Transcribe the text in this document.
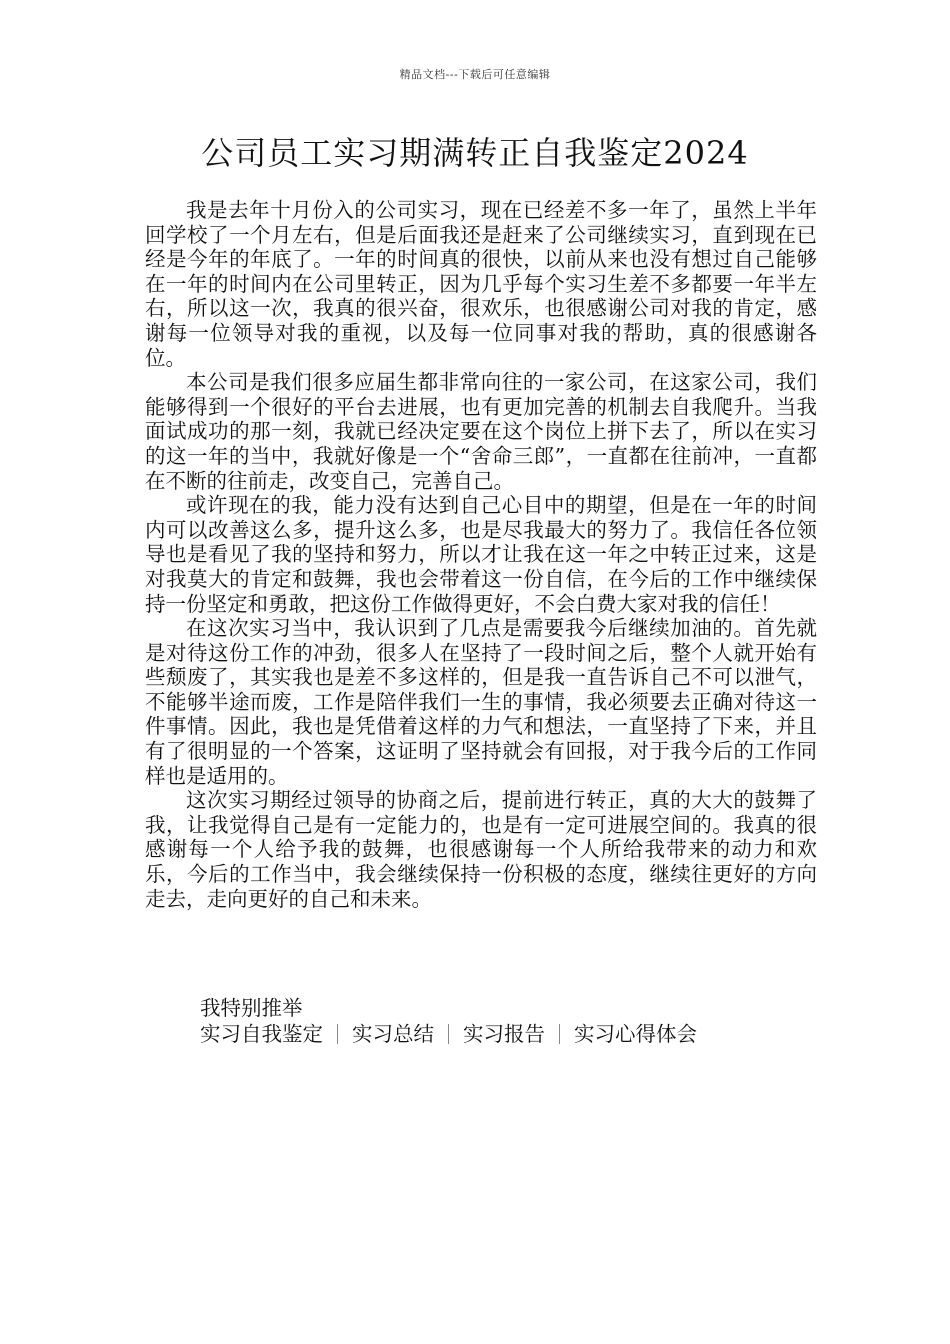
精品文档---下载后可任意编辑
公司员工实习期满转正自我鉴定2024

我是去年十月份入的公司实习，现在已经差不多一年了，虽然上半年回学校了一个月左右，但是后面我还是赶来了公司继续实习，直到现在已经是今年的年底了。一年的时间真的很快，以前从来也没有想过自己能够在一年的时间内在公司里转正，因为几乎每个实习生差不多都要一年半左右，所以这一次，我真的很兴奋，很欢乐，也很感谢公司对我的肯定，感谢每一位领导对我的重视，以及每一位同事对我的帮助，真的很感谢各位。

本公司是我们很多应届生都非常向往的一家公司，在这家公司，我们能够得到一个很好的平台去进展，也有更加完善的机制去自我爬升。当我面试成功的那一刻，我就已经决定要在这个岗位上拼下去了，所以在实习的这一年的当中，我就好像是一个“舍命三郎”，一直都在往前冲，一直都在不断的往前走，改变自己，完善自己。

或许现在的我，能力没有达到自己心目中的期望，但是在一年的时间内可以改善这么多，提升这么多，也是尽我最大的努力了。我信任各位领导也是看见了我的坚持和努力，所以才让我在这一年之中转正过来，这是对我莫大的肯定和鼓舞，我也会带着这一份自信，在今后的工作中继续保持一份坚定和勇敢，把这份工作做得更好，不会白费大家对我的信任！

在这次实习当中，我认识到了几点是需要我今后继续加油的。首先就是对待这份工作的冲劲，很多人在坚持了一段时间之后，整个人就开始有些颓废了，其实我也是差不多这样的，但是我一直告诉自己不可以泄气，不能够半途而废，工作是陪伴我们一生的事情，我必须要去正确对待这一件事情。因此，我也是凭借着这样的力气和想法，一直坚持了下来，并且有了很明显的一个答案，这证明了坚持就会有回报，对于我今后的工作同样也是适用的。

这次实习期经过领导的协商之后，提前进行转正，真的大大的鼓舞了我，让我觉得自己是有一定能力的，也是有一定可进展空间的。我真的很感谢每一个人给予我的鼓舞，也很感谢每一个人所给我带来的动力和欢乐，今后的工作当中，我会继续保持一份积极的态度，继续往更好的方向走去，走向更好的自己和未来。

我特别推举
实习自我鉴定 实习总结 实习报告 实习心得体会
